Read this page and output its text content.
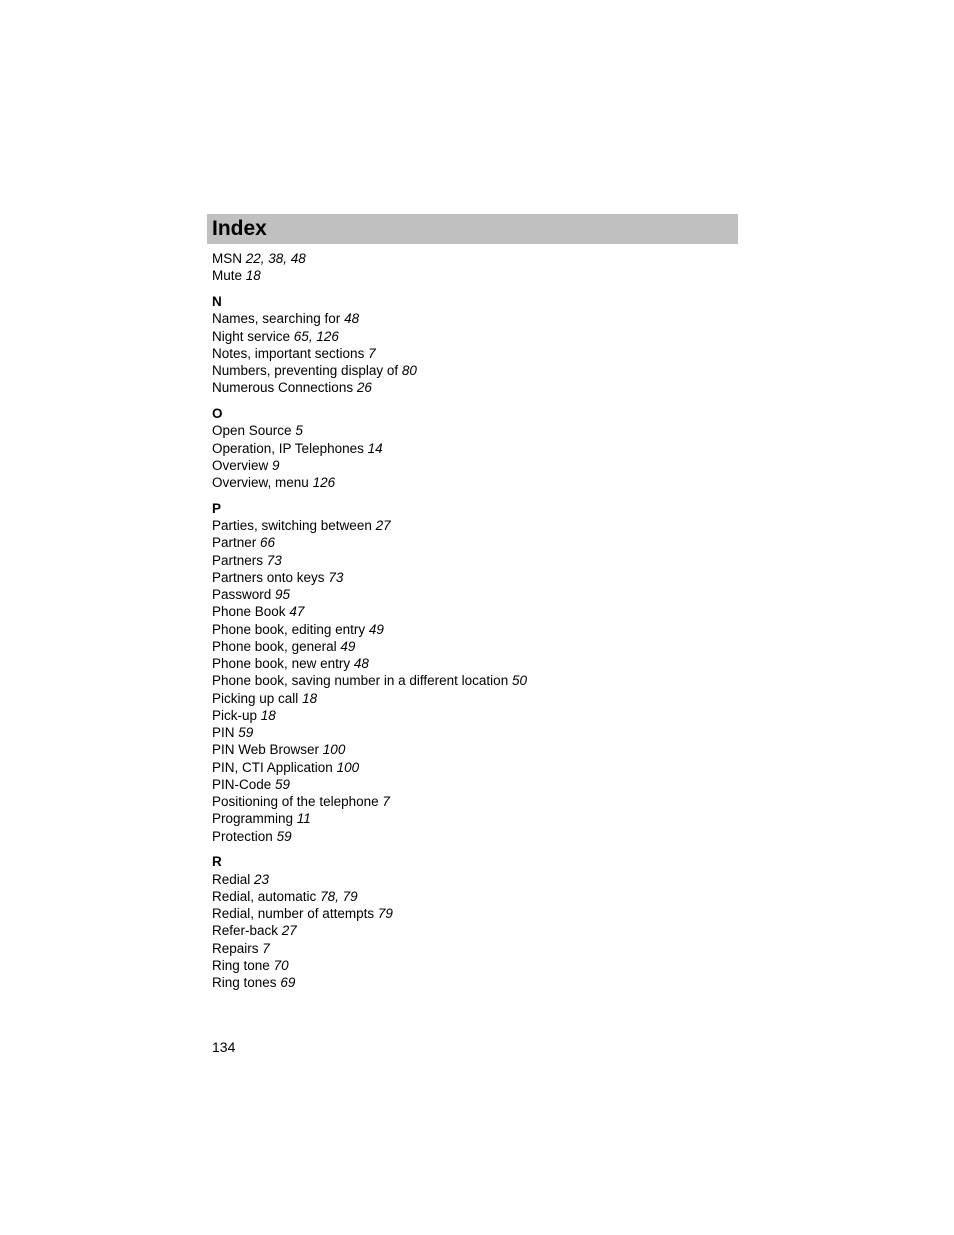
Index
MSN 22, 38, 48
Mute 18
N
Names, searching for 48
Night service 65, 126
Notes, important sections 7
Numbers, preventing display of 80
Numerous Connections 26
O
Open Source 5
Operation, IP Telephones 14
Overview 9
Overview, menu 126
P
Parties, switching between 27
Partner 66
Partners 73
Partners onto keys 73
Password 95
Phone Book 47
Phone book, editing entry 49
Phone book, general 49
Phone book, new entry 48
Phone book, saving number in a different location 50
Picking up call 18
Pick-up 18
PIN 59
PIN Web Browser 100
PIN, CTI Application 100
PIN-Code 59
Positioning of the telephone 7
Programming 11
Protection 59
R
Redial 23
Redial, automatic 78, 79
Redial, number of attempts 79
Refer-back 27
Repairs 7
Ring tone 70
Ring tones 69
134
